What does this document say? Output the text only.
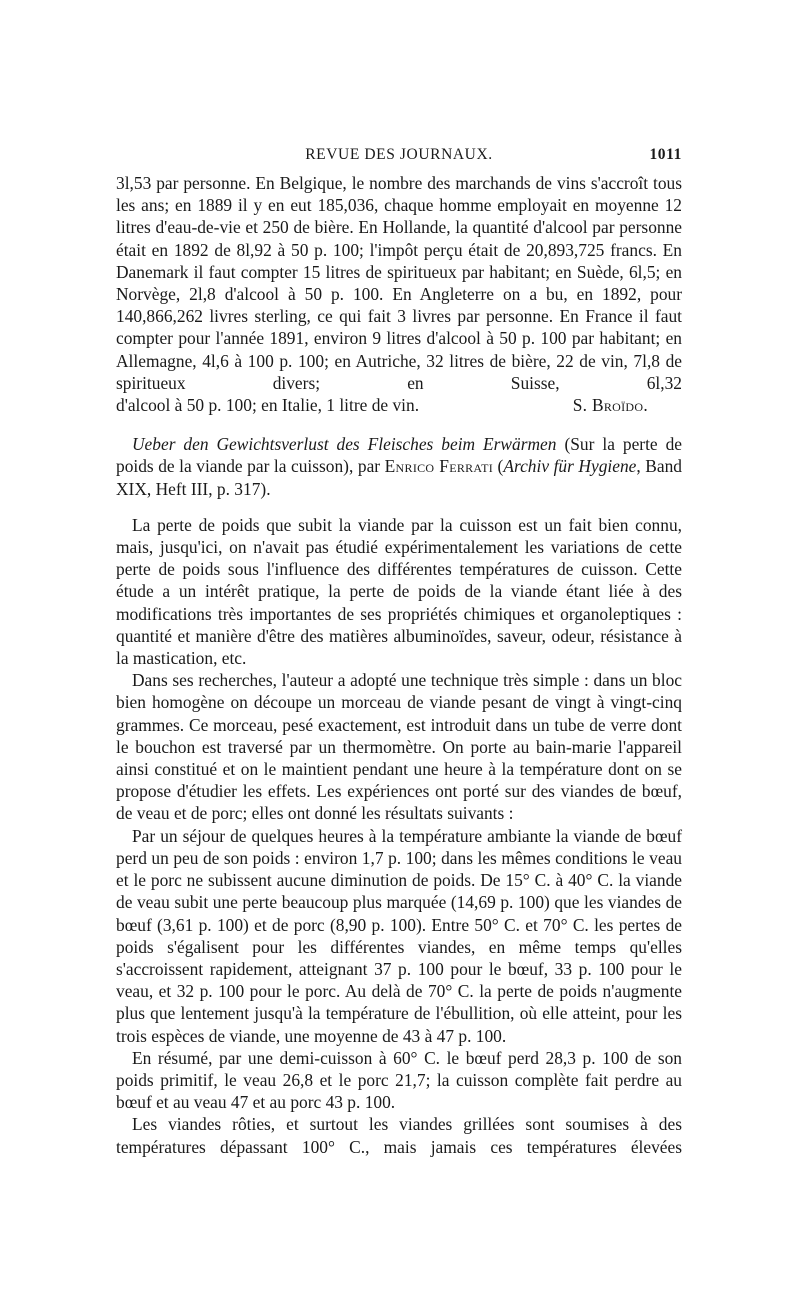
REVUE DES JOURNAUX.	1011

3l,53 par personne. En Belgique, le nombre des marchands de vins s'accroît tous les ans; en 1889 il y en eut 185,036, chaque homme employait en moyenne 12 litres d'eau-de-vie et 250 de bière. En Hollande, la quantité d'alcool par personne était en 1892 de 8l,92 à 50 p. 100; l'impôt perçu était de 20,893,725 francs. En Danemark il faut compter 15 litres de spiritueux par habitant; en Suède, 6l,5; en Norvège, 2l,8 d'alcool à 50 p. 100. En Angleterre on a bu, en 1892, pour 140,866,262 livres sterling, ce qui fait 3 livres par personne. En France il faut compter pour l'année 1891, environ 9 litres d'alcool à 50 p. 100 par habitant; en Allemagne, 4l,6 à 100 p. 100; en Autriche, 32 litres de bière, 22 de vin, 7l,8 de spiritueux divers; en Suisse, 6l,32

d'alcool à 50 p. 100; en Italie, 1 litre de vin.	S. Broïdo.

Ueber den Gewichtsverlust des Fleisches beim Erwärmen (Sur la perte de poids de la viande par la cuisson), par Enrico Ferrati (Archiv für Hygiene, Band XIX, Heft III, p. 317).

La perte de poids que subit la viande par la cuisson est un fait bien connu, mais, jusqu'ici, on n'avait pas étudié expérimentalement les variations de cette perte de poids sous l'influence des différentes températures de cuisson. Cette étude a un intérêt pratique, la perte de poids de la viande étant liée à des modifications très importantes de ses propriétés chimiques et organoleptiques : quantité et manière d'être des matières albuminoïdes, saveur, odeur, résistance à la mastication, etc.

Dans ses recherches, l'auteur a adopté une technique très simple : dans un bloc bien homogène on découpe un morceau de viande pesant de vingt à vingt-cinq grammes. Ce morceau, pesé exactement, est introduit dans un tube de verre dont le bouchon est traversé par un thermomètre. On porte au bain-marie l'appareil ainsi constitué et on le maintient pendant une heure à la température dont on se propose d'étudier les effets. Les expériences ont porté sur des viandes de bœuf, de veau et de porc; elles ont donné les résultats suivants :

Par un séjour de quelques heures à la température ambiante la viande de bœuf perd un peu de son poids : environ 1,7 p. 100; dans les mêmes conditions le veau et le porc ne subissent aucune diminution de poids. De 15° C. à 40° C. la viande de veau subit une perte beaucoup plus marquée (14,69 p. 100) que les viandes de bœuf (3,61 p. 100) et de porc (8,90 p. 100). Entre 50° C. et 70° C. les pertes de poids s'égalisent pour les différentes viandes, en même temps qu'elles s'accroissent rapidement, atteignant 37 p. 100 pour le bœuf, 33 p. 100 pour le veau, et 32 p. 100 pour le porc. Au delà de 70° C. la perte de poids n'augmente plus que lentement jusqu'à la température de l'ébullition, où elle atteint, pour les trois espèces de viande, une moyenne de 43 à 47 p. 100.

En résumé, par une demi-cuisson à 60° C. le bœuf perd 28,3 p. 100 de son poids primitif, le veau 26,8 et le porc 21,7; la cuisson complète fait perdre au bœuf et au veau 47 et au porc 43 p. 100.

Les viandes rôties, et surtout les viandes grillées sont soumises à des températures dépassant 100° C., mais jamais ces températures élevées
